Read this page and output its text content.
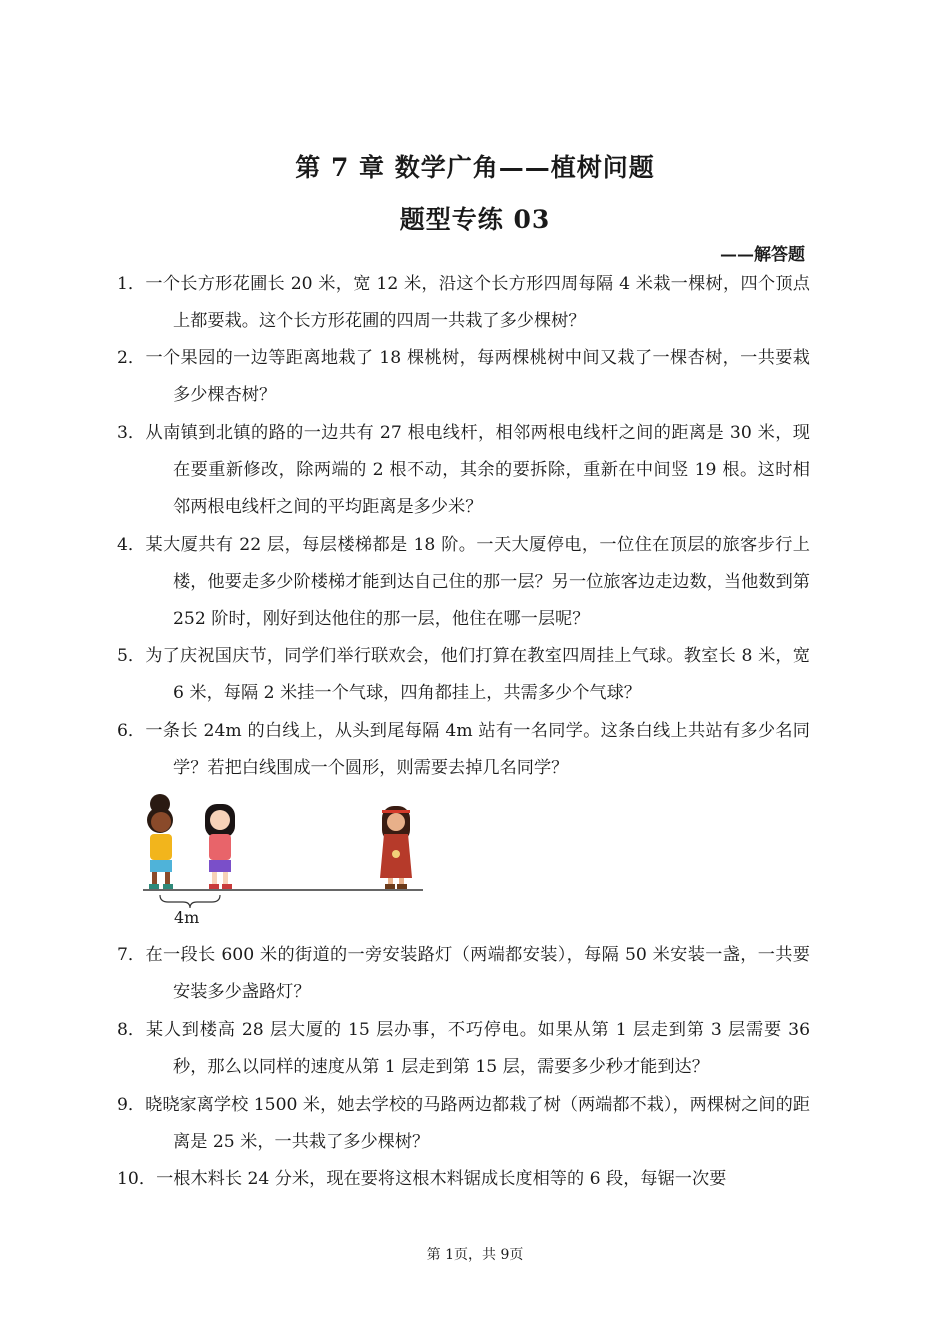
第 7 章 数学广角——植树问题
题型专练 03
——解答题

1．一个长方形花圃长 20 米，宽 12 米，沿这个长方形四周每隔 4 米栽一棵树，四个顶点上都要栽。这个长方形花圃的四周一共栽了多少棵树？

2．一个果园的一边等距离地栽了 18 棵桃树，每两棵桃树中间又栽了一棵杏树，一共要栽多少棵杏树？

3．从南镇到北镇的路的一边共有 27 根电线杆，相邻两根电线杆之间的距离是 30 米，现在要重新修改，除两端的 2 根不动，其余的要拆除，重新在中间竖 19 根。这时相邻两根电线杆之间的平均距离是多少米？

4．某大厦共有 22 层，每层楼梯都是 18 阶。一天大厦停电，一位住在顶层的旅客步行上楼，他要走多少阶楼梯才能到达自己住的那一层？另一位旅客边走边数，当他数到第 252 阶时，刚好到达他住的那一层，他住在哪一层呢？

5．为了庆祝国庆节，同学们举行联欢会，他们打算在教室四周挂上气球。教室长 8 米，宽 6 米，每隔 2 米挂一个气球，四角都挂上，共需多少个气球？

6．一条长 24m 的白线上，从头到尾每隔 4m 站有一名同学。这条白线上共站有多少名同学？若把白线围成一个圆形，则需要去掉几名同学？

4m

7．在一段长 600 米的街道的一旁安装路灯（两端都安装），每隔 50 米安装一盏，一共要安装多少盏路灯？

8．某人到楼高 28 层大厦的 15 层办事，不巧停电。如果从第 1 层走到第 3 层需要 36 秒，那么以同样的速度从第 1 层走到第 15 层，需要多少秒才能到达？

9．晓晓家离学校 1500 米，她去学校的马路两边都栽了树（两端都不栽），两棵树之间的距离是 25 米，一共栽了多少棵树？

10．一根木料长 24 分米，现在要将这根木料锯成长度相等的 6 段，每锯一次要

第 1页，共 9页
